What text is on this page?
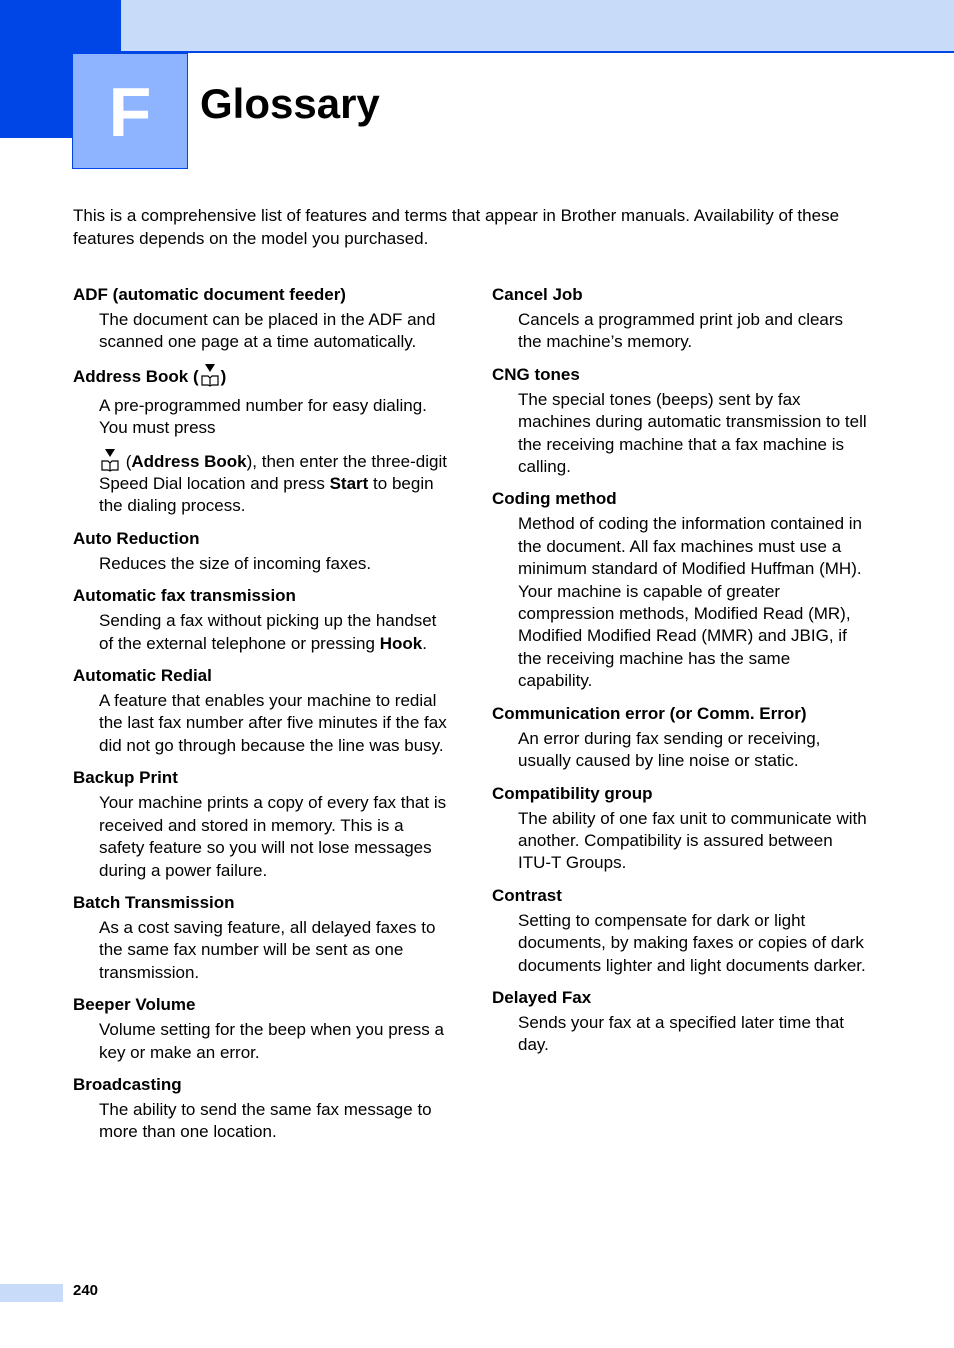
F	Glossary

This is a comprehensive list of features and terms that appear in Brother manuals. Availability of these features depends on the model you purchased.

ADF (automatic document feeder)

The document can be placed in the ADF and scanned one page at a time automatically.

Address Book ( )

A pre-programmed number for easy dialing. You must press
(Address Book), then enter the three-digit Speed Dial location and press Start to begin the dialing process.

Auto Reduction

Reduces the size of incoming faxes.

Automatic fax transmission

Sending a fax without picking up the handset of the external telephone or pressing Hook.

Automatic Redial

A feature that enables your machine to redial the last fax number after five minutes if the fax did not go through because the line was busy.

Backup Print

Your machine prints a copy of every fax that is received and stored in memory. This is a safety feature so you will not lose messages during a power failure.

Batch Transmission

As a cost saving feature, all delayed faxes to the same fax number will be sent as one transmission.

Beeper Volume

Volume setting for the beep when you press a key or make an error.

Broadcasting

The ability to send the same fax message to more than one location.

Cancel Job

Cancels a programmed print job and clears the machine’s memory.

CNG tones

The special tones (beeps) sent by fax machines during automatic transmission to tell the receiving machine that a fax machine is calling.

Coding method

Method of coding the information contained in the document. All fax machines must use a minimum standard of Modified Huffman (MH). Your machine is capable of greater compression methods, Modified Read (MR), Modified Modified Read (MMR) and JBIG, if the receiving machine has the same capability.

Communication error (or Comm. Error)

An error during fax sending or receiving, usually caused by line noise or static.

Compatibility group

The ability of one fax unit to communicate with another. Compatibility is assured between ITU-T Groups.

Contrast

Setting to compensate for dark or light documents, by making faxes or copies of dark documents lighter and light documents darker.

Delayed Fax

Sends your fax at a specified later time that day.

240
